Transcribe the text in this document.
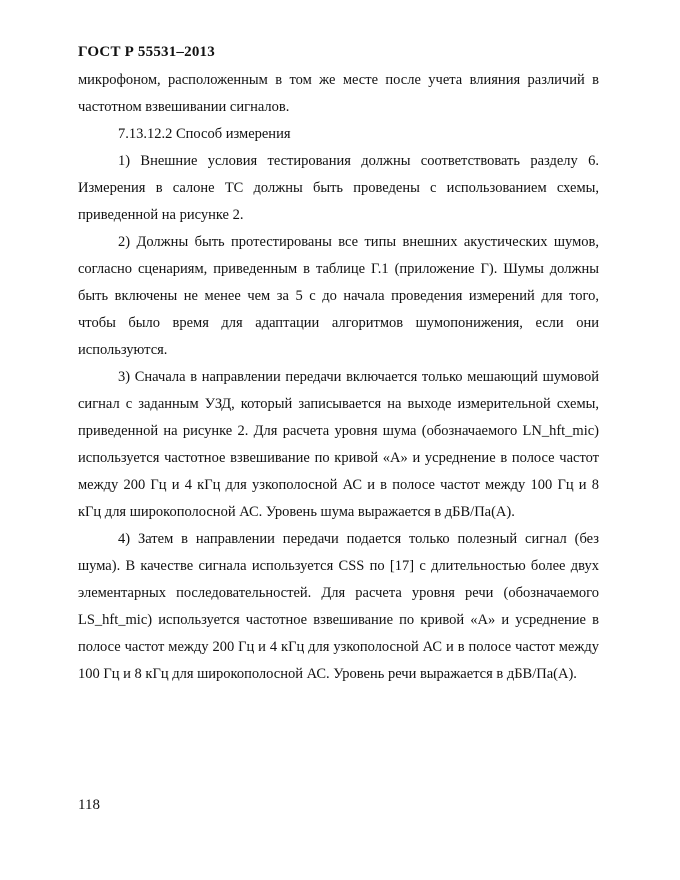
ГОСТ Р 55531–2013

микрофоном, расположенным в том же месте после учета влияния различий в частотном взвешивании сигналов.

7.13.12.2 Способ измерения

1) Внешние условия тестирования должны соответствовать разделу 6. Измерения в салоне ТС должны быть проведены с использованием схемы, приведенной на рисунке 2.

2) Должны быть протестированы все типы внешних акустических шумов, согласно сценариям, приведенным в таблице Г.1 (приложение Г). Шумы должны быть включены не менее чем за 5 с до начала проведения измерений для того, чтобы было время для адаптации алгоритмов шумопонижения, если они используются.

3) Сначала в направлении передачи включается только мешающий шумовой сигнал с заданным УЗД, который записывается на выходе измерительной схемы, приведенной на рисунке 2. Для расчета уровня шума (обозначаемого LN_hft_mic) используется частотное взвешивание по кривой «А» и усреднение в полосе частот между 200 Гц и 4 кГц для узкополосной АС и в полосе частот между 100 Гц и 8 кГц для широкополосной АС. Уровень шума выражается в дБВ/Па(А).

4) Затем в направлении передачи подается только полезный сигнал (без шума). В качестве сигнала используется CSS по [17] с длительностью более двух элементарных последовательностей. Для расчета уровня речи (обозначаемого LS_hft_mic) используется частотное взвешивание по кривой «А» и усреднение в полосе частот между 200 Гц и 4 кГц для узкополосной АС и в полосе частот между 100 Гц и 8 кГц для широкополосной АС. Уровень речи выражается в дБВ/Па(А).

118
